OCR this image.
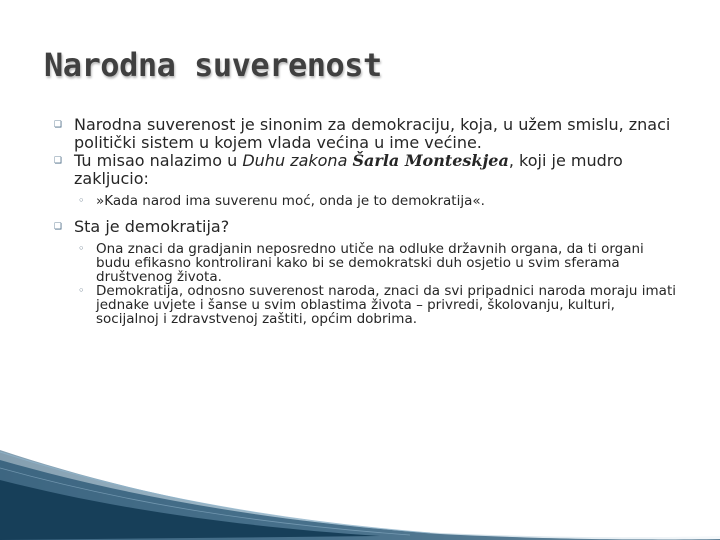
Narodna suverenost
❏ Narodna suverenost je sinonim za demokraciju, koja, u užem smislu, znaci politički sistem u kojem vlada većina u ime većine.
❏ Tu misao nalazimo u Duhu zakona Šarla Monteskjea, koji je mudro zakljucio:
◦ »Kada narod ima suverenu moć, onda je to demokratija«.
❏ Sta je demokratija?
◦ Ona znaci da gradjanin neposredno utiče na odluke državnih organa, da ti organi budu efikasno kontrolirani kako bi se demokratski duh osjetio u svim sferama društvenog života.
◦ Demokratija, odnosno suverenost naroda, znaci da svi pripadnici naroda moraju imati jednake uvjete i šanse u svim oblastima života – privredi, školovanju, kulturi, socijalnoj i zdravstvenoj zaštiti, općim dobrima.
